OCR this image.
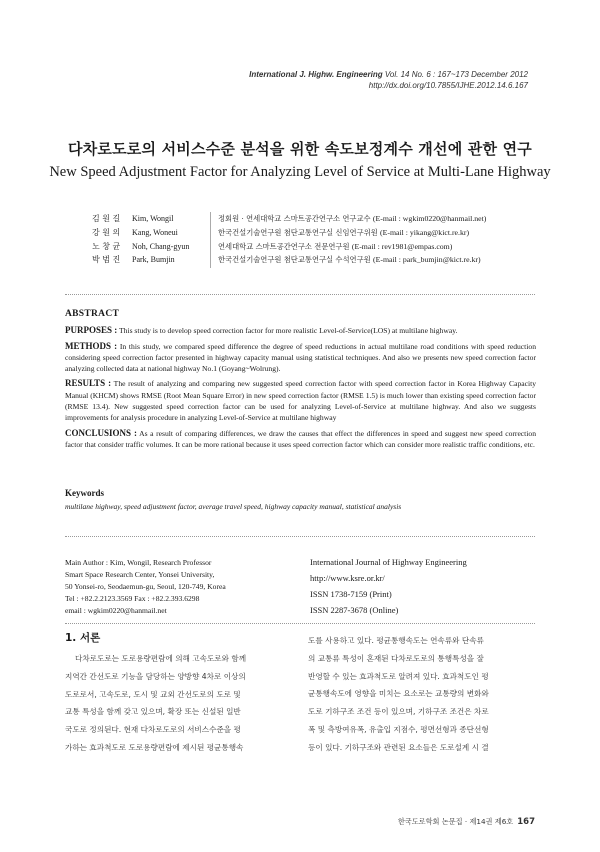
International J. Highw. Engineering Vol. 14 No. 6 : 167~173 December 2012
http://dx.doi.org/10.7855/IJHE.2012.14.6.167
다차로도로의 서비스수준 분석을 위한 속도보정계수 개선에 관한 연구
New Speed Adjustment Factor for Analyzing Level of Service at Multi-Lane Highway
김 원 길 Kim, Wongil	정회원 · 연세대학교 스마트공간연구소 연구교수 (E-mail : wgkim0220@hanmail.net)
강 원 의 Kang, Woneui	한국건설기술연구원 첨단교통연구실 신임연구위원 (E-mail : yikang@kict.re.kr)
노 창 균 Noh, Chang-gyun	연세대학교 스마트공간연구소 전문연구원 (E-mail : rev1981@empas.com)
박 범 진 Park, Bumjin	한국건설기술연구원 첨단교통연구실 수석연구원 (E-mail : park_bumjin@kict.re.kr)
ABSTRACT

PURPOSES : This study is to develop speed correction factor for more realistic Level-of-Service(LOS) at multilane highway.

METHODS : In this study, we compared speed difference the degree of speed reductions in actual multilane road conditions with speed reduction considering speed correction factor presented in highway capacity manual using statistical techniques. And also we presents new speed correction factor analyzing collected data at national highway No.1 (Goyang~Wolrung).

RESULTS : The result of analyzing and comparing new suggested speed correction factor with speed correction factor in Korea Highway Capacity Manual (KHCM) shows RMSE (Root Mean Square Error) in new speed correction factor (RMSE 1.5) is much lower than existing speed correction factor (RMSE 13.4). New suggested speed correction factor can be used for analyzing Level-of-Service at multilane highway. And also we suggests improvements for analysis procedure in analyzing Level-of-Service at multilane highway

CONCLUSIONS : As a result of comparing differences, we draw the causes that effect the differences in speed and suggest new speed correction factor that consider traffic volumes. It can be more rational because it uses speed correction factor which can consider more realistic traffic conditions, etc.

Keywords
multilane highway, speed adjustment factor, average travel speed, highway capacity manual, statistical analysis
Main Author : Kim, Wongil, Research Professor
Smart Space Research Center, Yonsei University,
50 Yonsei-ro, Seodaemun-gu, Seoul, 120-749, Korea
Tel : +82.2.2123.3569 Fax : +82.2.393.6298
email : wgkim0220@hanmail.net
International Journal of Highway Engineering
http://www.ksre.or.kr/
ISSN 1738-7159 (Print)
ISSN 2287-3678 (Online)
1. 서론
다차로도로는 도로용량편람에 의해 고속도로와 함께
지역간 간선도로 기능을 담당하는 양방향 4차로 이상의
도로로서, 고속도로, 도시 및 교외 간선도로의 도로 및
교통 특성을 함께 갖고 있으며, 확장 또는 신설된 일반
국도로 정의된다. 현재 다차로도로의 서비스수준을 평
가하는 효과척도로 도로용량편람에 제시된 평균통행속
도를 사용하고 있다. 평균통행속도는 연속류와 단속류
의 교통류 특성이 혼재된 다차로도로의 통행특성을 잘
반영할 수 있는 효과척도로 알려져 있다. 효과척도인 평
균통행속도에 영향을 미치는 요소로는 교통량의 변화와
도로 기하구조 조건 등이 있으며, 기하구조 조건은 차로
폭 및 측방여유폭, 유출입 지점수, 평면선형과 종단선형
등이 있다. 기하구조와 관련된 요소들은 도로설계 시 결
한국도로학회 논문집 · 제14권 제6호 167
